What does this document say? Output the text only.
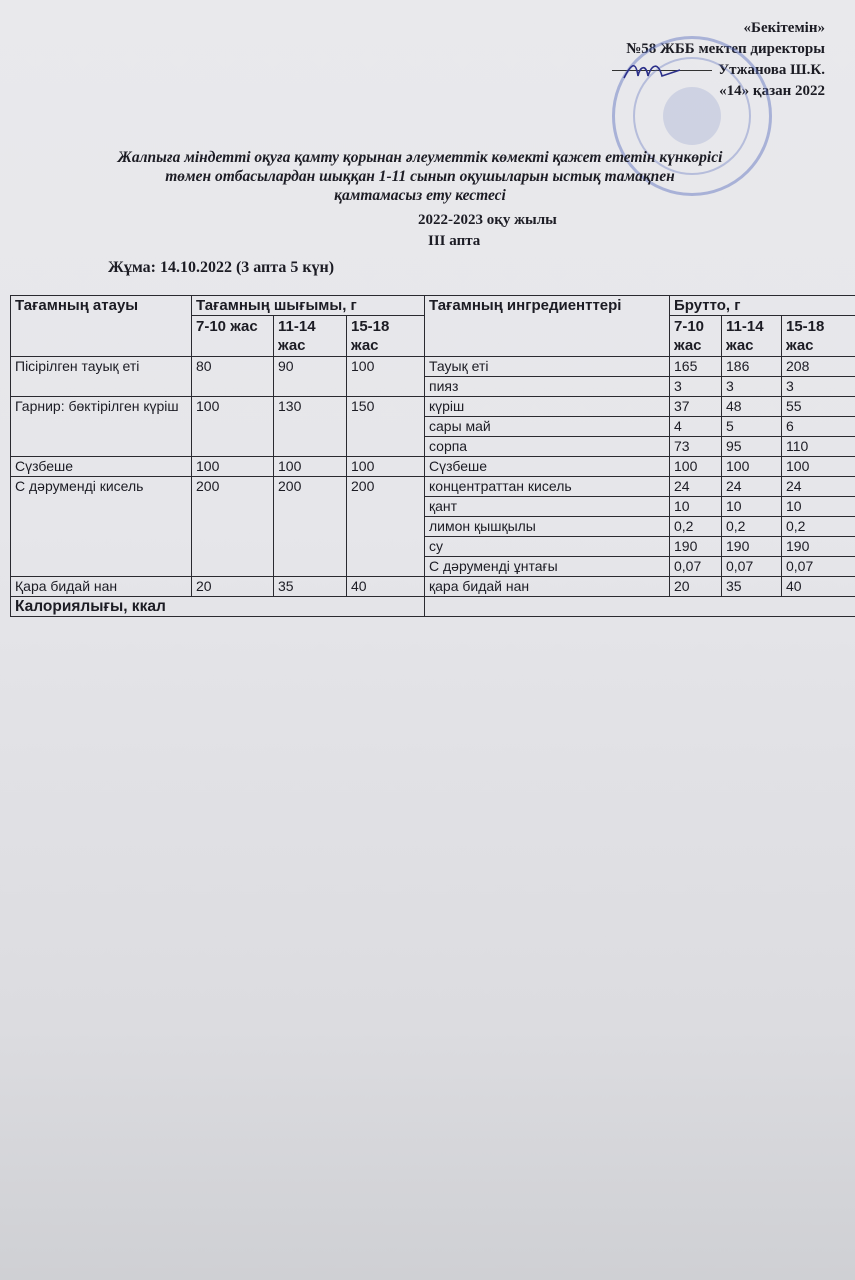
«Бекітемін»
№58 ЖББ мектеп директоры
Утжанова Ш.К.
«14» қазан 2022
Жалпыға міндетті оқуға қамту қорынан әлеуметтік көмекті қажет ететін күнкөрісі
төмен отбасылардан шыққан 1-11 сынып оқушыларын ыстық тамақпен
қамтамасыз ету кестесі
2022-2023 оқу жылы
ІІІ апта
Жұма: 14.10.2022 (3 апта 5 күн)
Тағамның атауы	Тағамның шығымы, г			Тағамның ингредиенттері	Брутто, г		
	7-10 жас	11-14 жас	15-18 жас		7-10 жас	11-14 жас	15-18 жас
Пісірілген тауық еті	80	90	100	Тауық еті	165	186	208
				пияз	3	3	3
Гарнир: бөктірілген күріш	100	130	150	күріш	37	48	55
				сары май	4	5	6
				сорпа	73	95	110
Сүзбеше	100	100	100	Сүзбеше	100	100	100
С дәруменді кисель	200	200	200	концентраттан кисель	24	24	24
				қант	10	10	10
				лимон қышқылы	0,2	0,2	0,2
				су	190	190	190
				С дәруменді ұнтағы	0,07	0,07	0,07
Қара бидай нан	20	35	40	қара бидай нан	20	35	40
Калориялығы, ккал							
